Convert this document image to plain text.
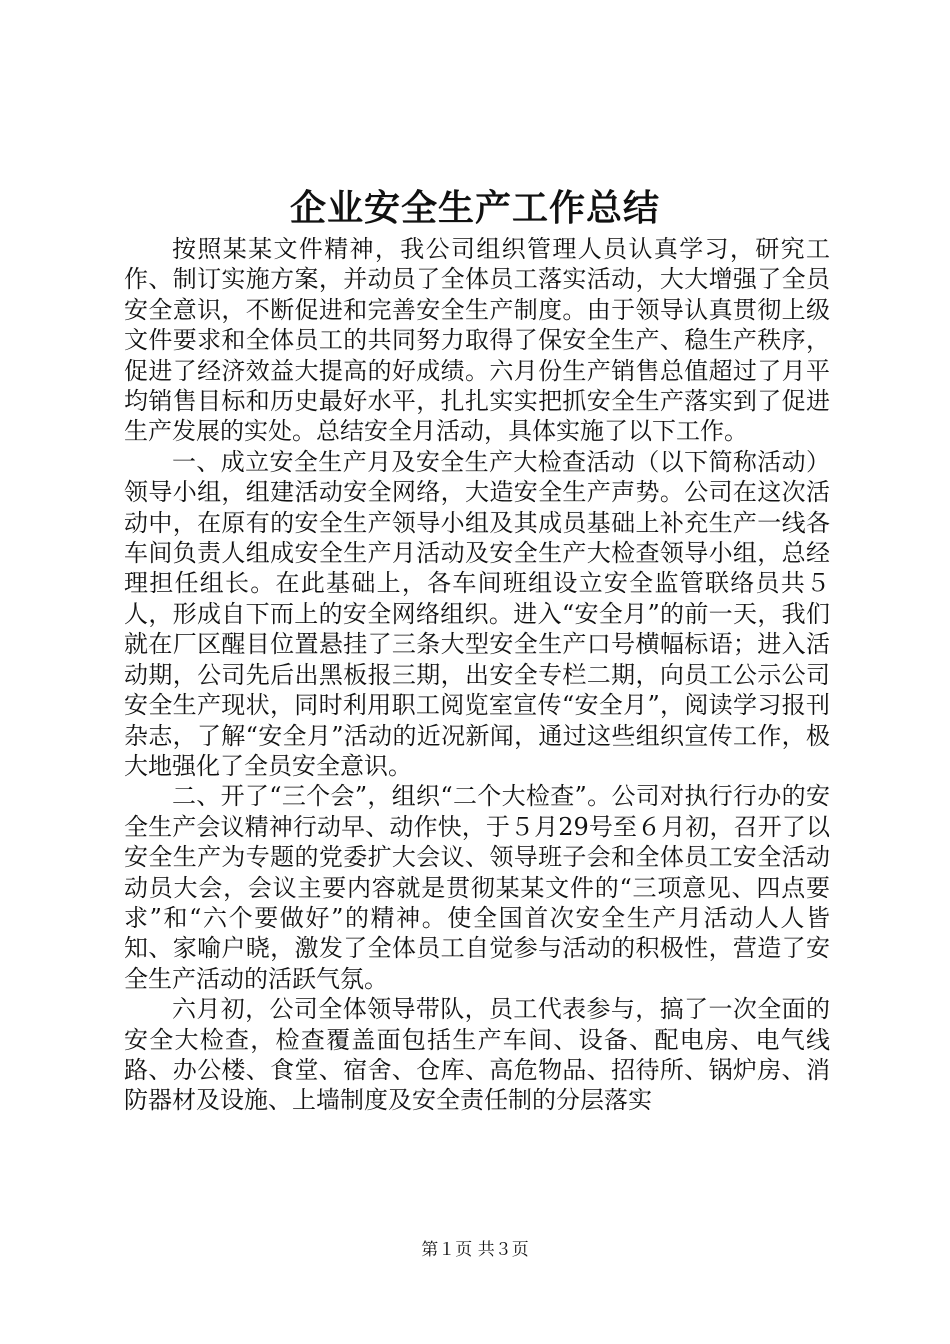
企业安全生产工作总结

按照某某文件精神，我公司组织管理人员认真学习，研究工作、制订实施方案，并动员了全体员工落实活动，大大增强了全员安全意识，不断促进和完善安全生产制度。由于领导认真贯彻上级文件要求和全体员工的共同努力取得了保安全生产、稳生产秩序，促进了经济效益大提高的好成绩。六月份生产销售总值超过了月平均销售目标和历史最好水平，扎扎实实把抓安全生产落实到了促进生产发展的实处。总结安全月活动，具体实施了以下工作。

一、成立安全生产月及安全生产大检查活动（以下简称活动）领导小组，组建活动安全网络，大造安全生产声势。公司在这次活动中，在原有的安全生产领导小组及其成员基础上补充生产一线各车间负责人组成安全生产月活动及安全生产大检查领导小组，总经理担任组长。在此基础上，各车间班组设立安全监管联络员共５人，形成自下而上的安全网络组织。进入“安全月”的前一天，我们就在厂区醒目位置悬挂了三条大型安全生产口号横幅标语；进入活动期，公司先后出黑板报三期，出安全专栏二期，向员工公示公司安全生产现状，同时利用职工阅览室宣传“安全月”，阅读学习报刊杂志，了解“安全月”活动的近况新闻，通过这些组织宣传工作，极大地强化了全员安全意识。

二、开了“三个会”，组织“二个大检查”。公司对执行行办的安全生产会议精神行动早、动作快，于５月29号至６月初，召开了以安全生产为专题的党委扩大会议、领导班子会和全体员工安全活动动员大会，会议主要内容就是贯彻某某文件的“三项意见、四点要求”和“六个要做好”的精神。使全国首次安全生产月活动人人皆知、家喻户晓，激发了全体员工自觉参与活动的积极性，营造了安全生产活动的活跃气氛。

六月初，公司全体领导带队，员工代表参与，搞了一次全面的安全大检查，检查覆盖面包括生产车间、设备、配电房、电气线路、办公楼、食堂、宿舍、仓库、高危物品、招待所、锅炉房、消防器材及设施、上墙制度及安全责任制的分层落实

第１页 共３页
